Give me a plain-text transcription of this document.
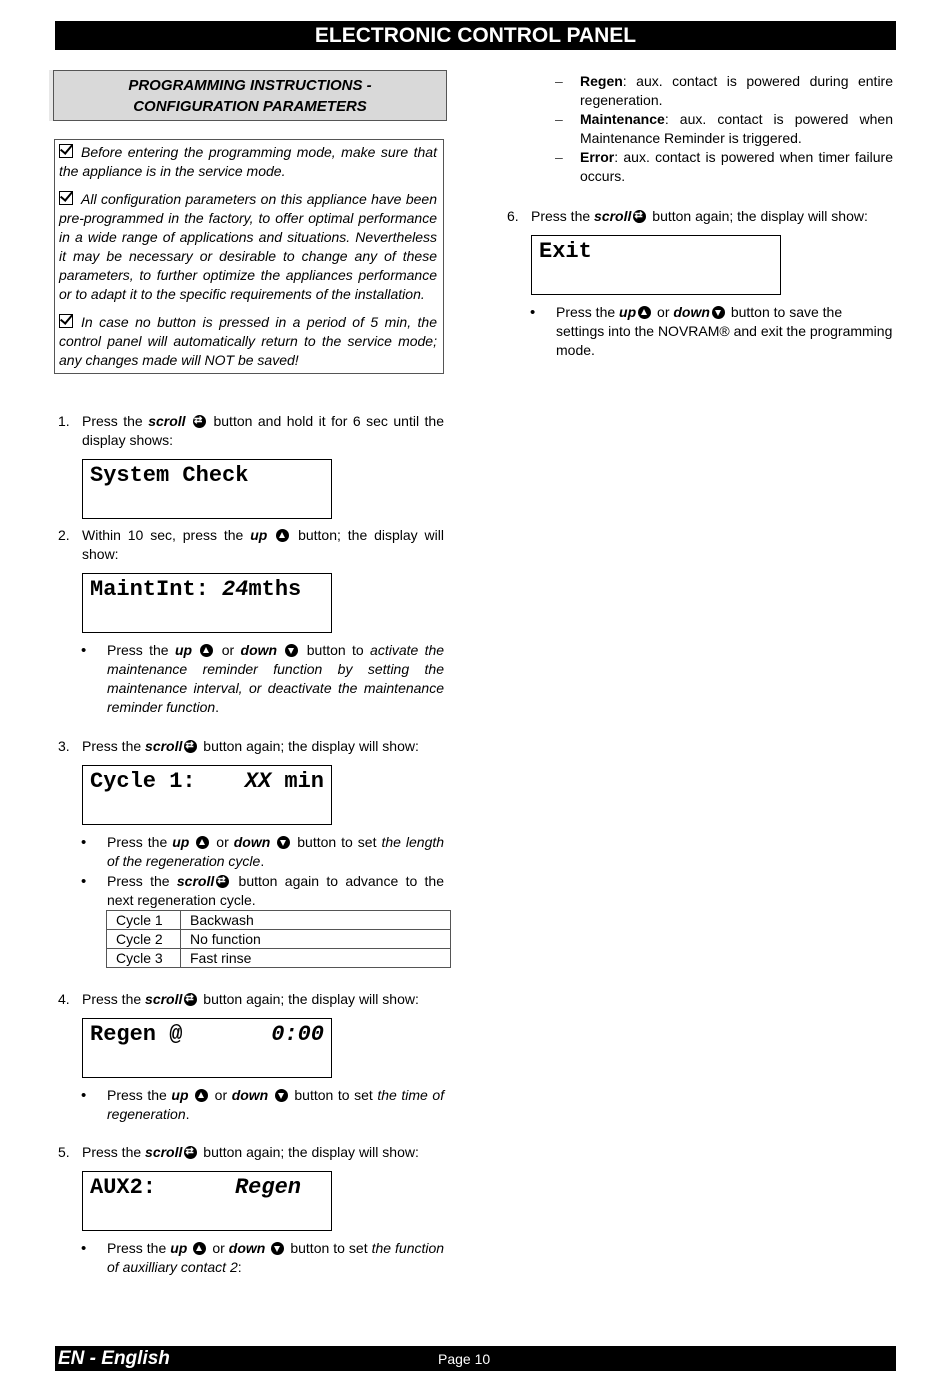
ELECTRONIC CONTROL PANEL
PROGRAMMING INSTRUCTIONS -
CONFIGURATION PARAMETERS

Before entering the programming mode, make sure that the appliance is in the service mode.

All configuration parameters on this appliance have been pre-programmed in the factory, to offer optimal performance in a wide range of applications and situations. Nevertheless it may be necessary or desirable to change any of these parameters, to further optimize the appliances performance or to adapt it to the specific requirements of the installation.

In case no button is pressed in a period of 5 min, the control panel will automatically return to the service mode; any changes made will NOT be saved!

1. Press the scroll ⇄ button and hold it for 6 sec until the display shows:
System Check
2. Within 10 sec, press the up button; the display will show:
MaintInt: 24mths
• Press the up or down button to activate the maintenance reminder function by setting the maintenance interval, or deactivate the maintenance reminder function.
3. Press the scroll ⇄ button again; the display will show:
Cycle 1: XX min
• Press the up or down button to set the length of the regeneration cycle.
• Press the scroll ⇄ button again to advance to the next regeneration cycle.
Cycle 1	Backwash
Cycle 2	No function
Cycle 3	Fast rinse
4. Press the scroll ⇄ button again; the display will show:
Regen @	0:00
• Press the up or down button to set the time of regeneration.
5. Press the scroll ⇄ button again; the display will show:
AUX2:	Regen
• Press the up or down button to set the function of auxilliary contact 2:
– Regen: aux. contact is powered during entire regeneration.
– Maintenance: aux. contact is powered when Maintenance Reminder is triggered.
– Error: aux. contact is powered when timer failure occurs.
6. Press the scroll ⇄ button again; the display will show:
Exit
• Press the up or down button to save the settings into the NOVRAM® and exit the programming mode.
EN - English	Page 10
